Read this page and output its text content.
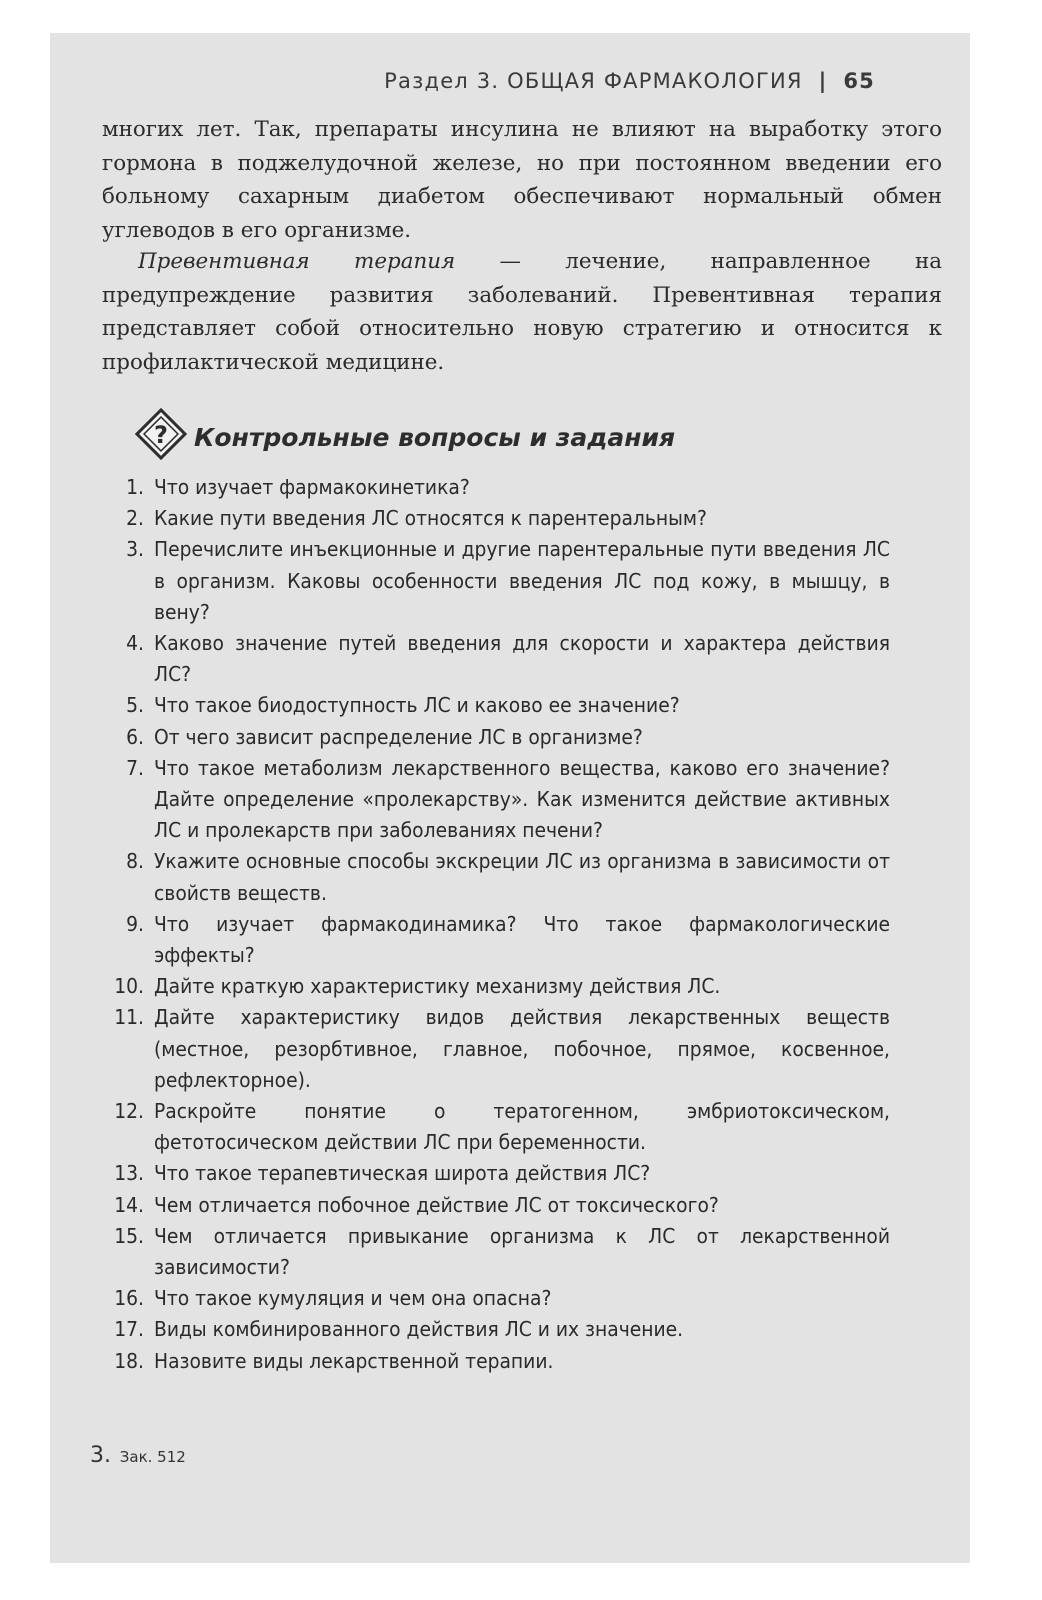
Раздел 3. ОБЩАЯ ФАРМАКОЛОГИЯ | 65

многих лет. Так, препараты инсулина не влияют на выработку этого гормона в поджелудочной железе, но при постоянном введении его больному сахарным диабетом обеспечивают нормальный обмен углеводов в его организме.

Превентивная терапия — лечение, направленное на предупреждение развития заболеваний. Превентивная терапия представляет собой относительно новую стратегию и относится к профилактической медицине.

? Контрольные вопросы и задания
1. Что изучает фармакокинетика?
2. Какие пути введения ЛС относятся к парентеральным?
3. Перечислите инъекционные и другие парентеральные пути введения ЛС в организм. Каковы особенности введения ЛС под кожу, в мышцу, в вену?
4. Каково значение путей введения для скорости и характера действия ЛС?
5. Что такое биодоступность ЛС и каково ее значение?
6. От чего зависит распределение ЛС в организме?
7. Что такое метаболизм лекарственного вещества, каково его значение? Дайте определение «пролекарству». Как изменится действие активных ЛС и пролекарств при заболеваниях печени?
8. Укажите основные способы экскреции ЛС из организма в зависимости от свойств веществ.
9. Что изучает фармакодинамика? Что такое фармакологические эффекты?
10. Дайте краткую характеристику механизму действия ЛС.
11. Дайте характеристику видов действия лекарственных веществ (местное, резорбтивное, главное, побочное, прямое, косвенное, рефлекторное).
12. Раскройте понятие о тератогенном, эмбриотоксическом, фетотосическом действии ЛС при беременности.
13. Что такое терапевтическая широта действия ЛС?
14. Чем отличается побочное действие ЛС от токсического?
15. Чем отличается привыкание организма к ЛС от лекарственной зависимости?
16. Что такое кумуляция и чем она опасна?
17. Виды комбинированного действия ЛС и их значение.
18. Назовите виды лекарственной терапии.
3. Зак. 512
